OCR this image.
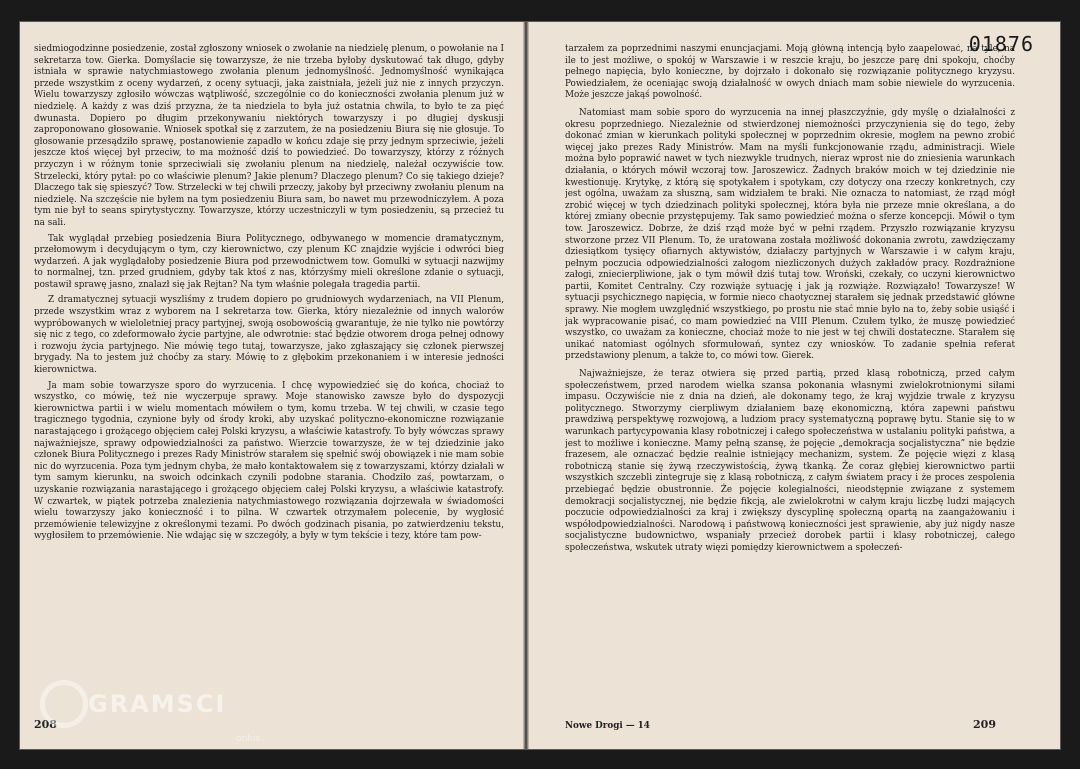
01876

siedmiogodzinne posiedzenie, został zgłoszony wniosek o zwołanie na niedzielę plenum, o powołanie na I sekretarza tow. Gierka. Domyślacie się towarzysze, że nie trzeba byłoby dyskutować tak długo, gdyby istniała w sprawie natychmiastowego zwołania plenum jednomyślność. Jednomyślność wynikająca przede wszystkim z oceny wydarzeń, z oceny sytuacji, jaka zaistniała, jeżeli już nie z innych przyczyn. Wielu towarzyszy zgłosiło wówczas wątpliwość, szczególnie co do konieczności zwołania plenum już w niedzielę. A każdy z was dziś przyzna, że ta niedziela to była już ostatnia chwila, to było te za pięć dwunasta. Dopiero po długim przekonywaniu niektórych towarzyszy i po długiej dyskusji zaproponowano głosowanie. Wniosek spotkał się z zarzutem, że na posiedzeniu Biura się nie głosuje. To głosowanie przesądziło sprawę, postanowienie zapadło w końcu zdaje się przy jednym sprzeciwie, jeżeli jeszcze ktoś więcej był przeciw, to ma możność dziś to powiedzieć. Do towarzyszy, którzy z różnych przyczyn i w różnym tonie sprzeciwiali się zwołaniu plenum na niedzielę, należał oczywiście tow. Strzelecki, który pytał: po co właściwie plenum? Jakie plenum? Dlaczego plenum? Co się takiego dzieje? Dlaczego tak się spieszyć? Tow. Strzelecki w tej chwili przeczy, jakoby był przeciwny zwołaniu plenum na niedzielę. Na szczęście nie byłem na tym posiedzeniu Biura sam, bo nawet mu przewodniczyłem. A poza tym nie był to seans spirytystyczny. Towarzysze, którzy uczestniczyli w tym posiedzeniu, są przecież tu na sali.

Tak wyglądał przebieg posiedzenia Biura Politycznego, odbywanego w momencie dramatycznym, przełomowym i decydującym o tym, czy kierownictwo, czy plenum KC znajdzie wyjście i odwróci bieg wydarzeń. A jak wyglądałoby posiedzenie Biura pod przewodnictwem tow. Gomulki w sytuacji nazwijmy to normalnej, tzn. przed grudniem, gdyby tak ktoś z nas, którzyśmy mieli określone zdanie o sytuacji, postawił sprawę jasno, znalazł się jak Rejtan? Na tym właśnie polegała tragedia partii.

Z dramatycznej sytuacji wyszliśmy z trudem dopiero po grudniowych wydarzeniach, na VII Plenum, przede wszystkim wraz z wyborem na I sekretarza tow. Gierka, który niezależnie od innych walorów wypróbowanych w wieloletniej pracy partyjnej, swoją osobowością gwarantuje, że nie tylko nie powtórzy się nic z tego, co zdeformowało życie partyjne, ale odwrotnie: stać będzie otworem droga pełnej odnowy i rozwoju życia partyjnego. Nie mówię tego tutaj, towarzysze, jako zgłaszający się członek pierwszej brygady. Na to jestem już choćby za stary. Mówię to z głębokim przekonaniem i w interesie jedności kierownictwa.

Ja mam sobie towarzysze sporo do wyrzucenia. I chcę wypowiedzieć się do końca, chociaż to wszystko, co mówię, też nie wyczerpuje sprawy. Moje stanowisko zawsze było do dyspozycji kierownictwa partii i w wielu momentach mówiłem o tym, komu trzeba. W tej chwili, w czasie tego tragicznego tygodnia, czynione były od środy kroki, aby uzyskać polityczno-ekonomiczne rozwiązanie narastającego i grożącego objęciem całej Polski kryzysu, a właściwie katastrofy. To były wówczas sprawy najważniejsze, sprawy odpowiedzialności za państwo. Wierzcie towarzysze, że w tej dziedzinie jako członek Biura Politycznego i prezes Rady Ministrów starałem się spełnić swój obowiązek i nie mam sobie nic do wyrzucenia. Poza tym jednym chyba, że mało kontaktowałem się z towarzyszami, którzy działali w tym samym kierunku, na swoich odcinkach czynili podobne starania. Chodziło zaś, powtarzam, o uzyskanie rozwiązania narastającego i grożącego objęciem całej Polski kryzysu, a właściwie katastrofy. W czwartek, w piątek potrzeba znalezienia natychmiastowego rozwiązania dojrzewała w świadomości wielu towarzyszy jako konieczność i to pilna. W czwartek otrzymałem polecenie, by wygłosić przemówienie telewizyjne z określonymi tezami. Po dwóch godzinach pisania, po zatwierdzeniu tekstu, wygłosiłem to przemówienie. Nie wdając się w szczegóły, a były w tym tekście i tezy, które tam pow-

tarzałem za poprzednimi naszymi enuncjacjami. Moją główną intencją było zaapelować, na tyle, na ile to jest możliwe, o spokój w Warszawie i w reszcie kraju, bo jeszcze parę dni spokoju, choćby pełnego napięcia, było konieczne, by dojrzało i dokonało się rozwiązanie politycznego kryzysu. Powiedziałem, że oceniając swoją działalność w owych dniach mam sobie niewiele do wyrzucenia. Może jeszcze jakąś powolność.

Natomiast mam sobie sporo do wyrzucenia na innej płaszczyźnie, gdy myślę o działalności z okresu poprzedniego. Niezależnie od stwierdzonej niemożności przyczynienia się do tego, żeby dokonać zmian w kierunkach polityki społecznej w poprzednim okresie, mogłem na pewno zrobić więcej jako prezes Rady Ministrów. Mam na myśli funkcjonowanie rządu, administracji. Wiele można było poprawić nawet w tych niezwykle trudnych, nieraz wprost nie do zniesienia warunkach działania, o których mówił wczoraj tow. Jaroszewicz. Żadnych braków moich w tej dziedzinie nie kwestionuję. Krytykę, z którą się spotykałem i spotykam, czy dotyczy ona rzeczy konkretnych, czy jest ogólna, uważam za słuszną, sam widziałem te braki. Nie oznacza to natomiast, że rząd mógł zrobić więcej w tych dziedzinach polityki społecznej, która była nie przeze mnie określana, a do której zmiany obecnie przystępujemy. Tak samo powiedzieć można o sferze koncepcji. Mówił o tym tow. Jaroszewicz. Dobrze, że dziś rząd może być w pełni rządem. Przyszło rozwiązanie kryzysu stworzone przez VII Plenum. To, że uratowana została możliwość dokonania zwrotu, zawdzięczamy dziesiątkom tysięcy ofiarnych aktywistów, działaczy partyjnych w Warszawie i w całym kraju, pełnym poczucia odpowiedzialności załogom niezliczonych dużych zakładów pracy. Rozdrażnione załogi, zniecierpliwione, jak o tym mówił dziś tutaj tow. Wroński, czekały, co uczyni kierownictwo partii, Komitet Centralny. Czy rozwiąże sytuację i jak ją rozwiąże. Rozwiązało! Towarzysze! W sytuacji psychicznego napięcia, w formie nieco chaotycznej starałem się jednak przedstawić główne sprawy. Nie mogłem uwzględnić wszystkiego, po prostu nie stać mnie było na to, żeby sobie usiąść i jak wypracowanie pisać, co mam powiedzieć na VIII Plenum. Czułem tylko, że muszę powiedzieć wszystko, co uważam za konieczne, chociaż może to nie jest w tej chwili dostateczne. Starałem się unikać natomiast ogólnych sformułowań, syntez czy wniosków. To zadanie spełnia referat przedstawiony plenum, a także to, co mówi tow. Gierek.

Najważniejsze, że teraz otwiera się przed partią, przed klasą robotniczą, przed całym społeczeństwem, przed narodem wielka szansa pokonania własnymi zwielokrotnionymi siłami impasu. Oczywiście nie z dnia na dzień, ale dokonamy tego, że kraj wyjdzie trwale z kryzysu politycznego. Stworzymy cierpliwym działaniem bazę ekonomiczną, która zapewni państwu prawdziwą perspektywę rozwojową, a ludziom pracy systematyczną poprawę bytu. Stanie się to w warunkach partycypowania klasy robotniczej i całego społeczeństwa w ustalaniu polityki państwa, a jest to możliwe i konieczne. Mamy pełną szansę, że pojęcie „demokracja socjalistyczna” nie będzie frazesem, ale oznaczać będzie realnie istniejący mechanizm, system. Że pojęcie więzi z klasą robotniczą stanie się żywą rzeczywistością, żywą tkanką. Że coraz głębiej kierownictwo partii wszystkich szczebli zintegruje się z klasą robotniczą, z całym światem pracy i że proces zespolenia przebiegać będzie obustronnie. Że pojęcie kolegialności, nieodstępnie związane z systemem demokracji socjalistycznej, nie będzie fikcją, ale zwielokrotni w całym kraju liczbę ludzi mających poczucie odpowiedzialności za kraj i zwiększy dyscyplinę społeczną opartą na zaangażowaniu i współodpowiedzialności. Narodową i państwową konieczności jest sprawienie, aby już nigdy nasze socjalistyczne budownictwo, wspaniały przecież dorobek partii i klasy robotniczej, całego społeczeństwa, wskutek utraty więzi pomiędzy kierownictwem a społeczeń-

208	Nowe Drogi — 14	209
GRAMSCI
onlus
